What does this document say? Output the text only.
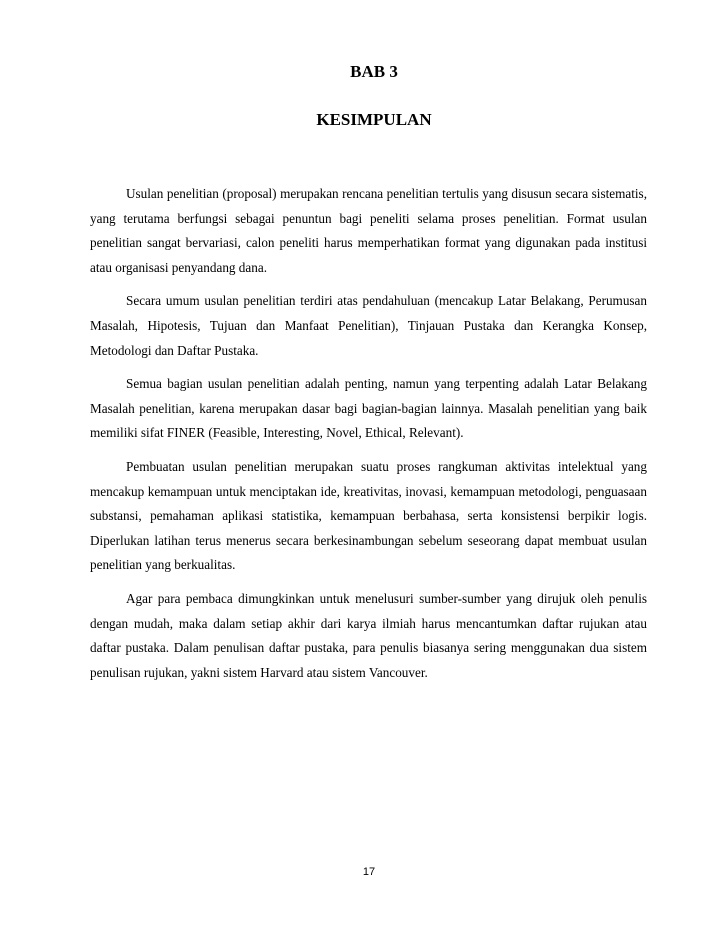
BAB 3
KESIMPULAN

Usulan penelitian (proposal) merupakan rencana penelitian tertulis yang disusun secara sistematis, yang terutama berfungsi sebagai penuntun bagi peneliti selama proses penelitian. Format usulan penelitian sangat bervariasi, calon peneliti harus memperhatikan format yang digunakan pada institusi atau organisasi penyandang dana.

Secara umum usulan penelitian terdiri atas pendahuluan (mencakup Latar Belakang, Perumusan Masalah, Hipotesis, Tujuan dan Manfaat Penelitian), Tinjauan Pustaka dan Kerangka Konsep, Metodologi dan Daftar Pustaka.

Semua bagian usulan penelitian adalah penting, namun yang terpenting adalah Latar Belakang Masalah penelitian, karena merupakan dasar bagi bagian-bagian lainnya. Masalah penelitian yang baik memiliki sifat FINER (Feasible, Interesting, Novel, Ethical, Relevant).

Pembuatan usulan penelitian merupakan suatu proses rangkuman aktivitas intelektual yang mencakup kemampuan untuk menciptakan ide, kreativitas, inovasi, kemampuan metodologi, penguasaan substansi, pemahaman aplikasi statistika, kemampuan berbahasa, serta konsistensi berpikir logis. Diperlukan latihan terus menerus secara berkesinambungan sebelum seseorang dapat membuat usulan penelitian yang berkualitas.

Agar para pembaca dimungkinkan untuk menelusuri sumber-sumber yang dirujuk oleh penulis dengan mudah, maka dalam setiap akhir dari karya ilmiah harus mencantumkan daftar rujukan atau daftar pustaka. Dalam penulisan daftar pustaka, para penulis biasanya sering menggunakan dua sistem penulisan rujukan, yakni sistem Harvard atau sistem Vancouver.

17
